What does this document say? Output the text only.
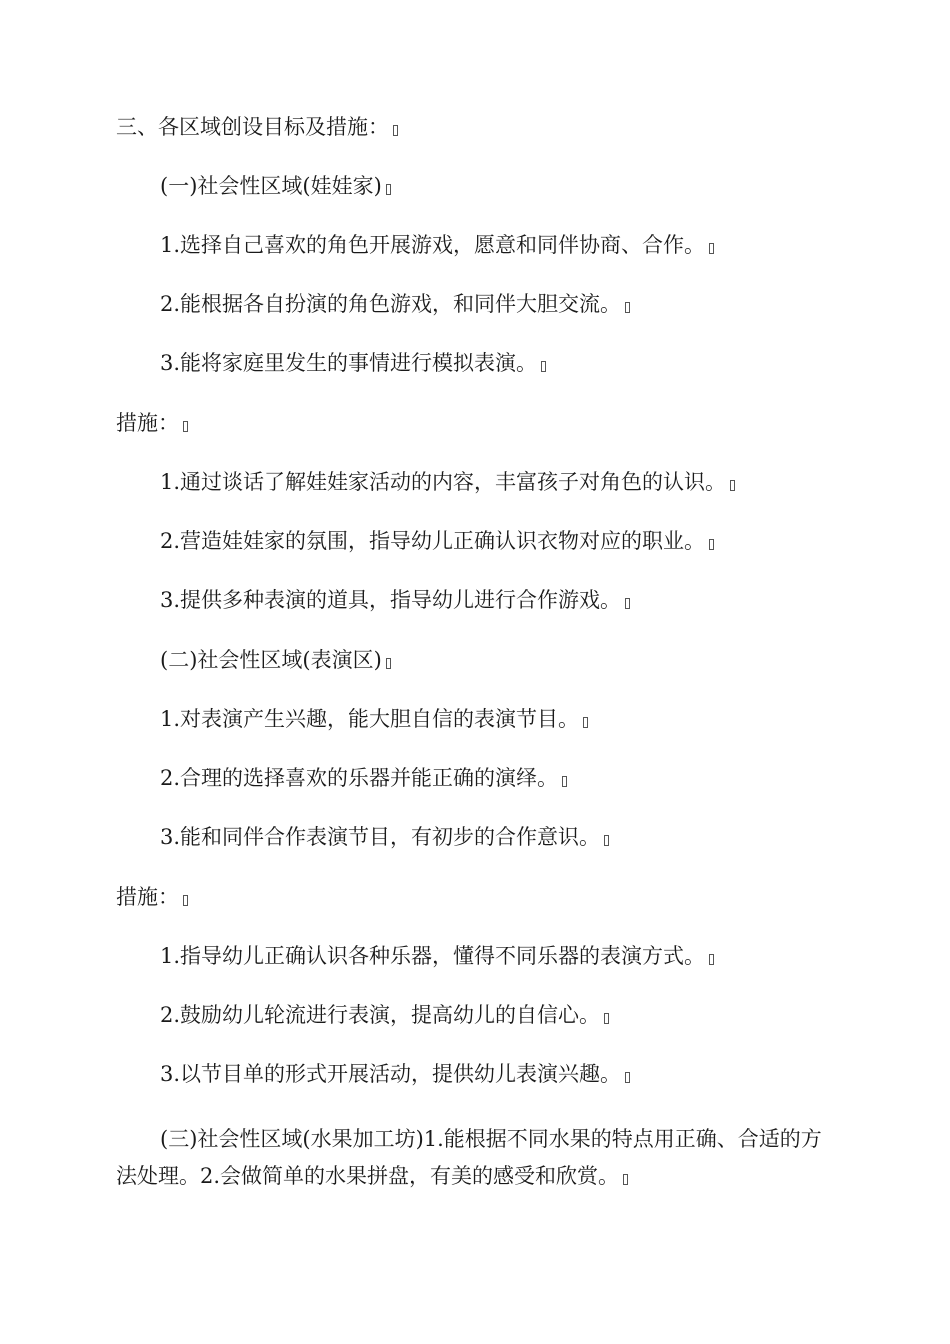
三、各区域创设目标及措施：
(一)社会性区域(娃娃家)
1.选择自己喜欢的角色开展游戏，愿意和同伴协商、合作。
2.能根据各自扮演的角色游戏，和同伴大胆交流。
3.能将家庭里发生的事情进行模拟表演。
措施：
1.通过谈话了解娃娃家活动的内容，丰富孩子对角色的认识。
2.营造娃娃家的氛围，指导幼儿正确认识衣物对应的职业。
3.提供多种表演的道具，指导幼儿进行合作游戏。
(二)社会性区域(表演区)
1.对表演产生兴趣，能大胆自信的表演节目。
2.合理的选择喜欢的乐器并能正确的演绎。
3.能和同伴合作表演节目，有初步的合作意识。
措施：
1.指导幼儿正确认识各种乐器，懂得不同乐器的表演方式。
2.鼓励幼儿轮流进行表演，提高幼儿的自信心。
3.以节目单的形式开展活动，提供幼儿表演兴趣。
(三)社会性区域(水果加工坊)1.能根据不同水果的特点用正确、合适的方法处理。2.会做简单的水果拼盘，有美的感受和欣赏。
